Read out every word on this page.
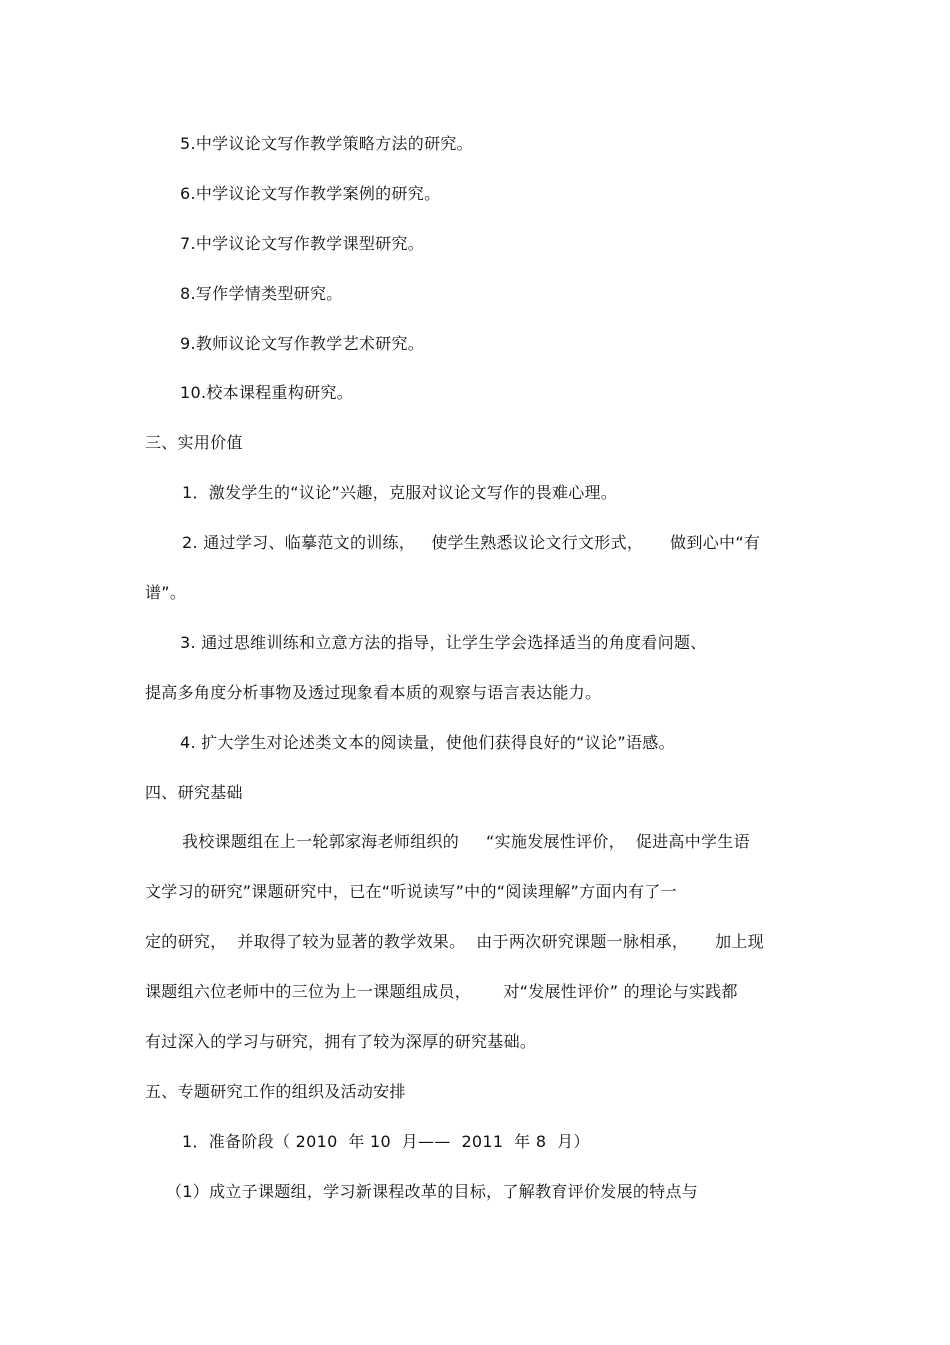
5.中学议论文写作教学策略方法的研究。
6.中学议论文写作教学案例的研究。
7.中学议论文写作教学课型研究。
8.写作学情类型研究。
9.教师议论文写作教学艺术研究。
10.校本课程重构研究。
三、实用价值
1．激发学生的“议论”兴趣，克服对议论文写作的畏难心理。
2. 通过学习、临摹范文的训练，   使学生熟悉议论文行文形式，     做到心中“有
谱”。
3. 通过思维训练和立意方法的指导，让学生学会选择适当的角度看问题、
提高多角度分析事物及透过现象看本质的观察与语言表达能力。
4. 扩大学生对论述类文本的阅读量，使他们获得良好的“议论”语感。
四、研究基础
我校课题组在上一轮郭家海老师组织的     “实施发展性评价，  促进高中学生语
文学习的研究”课题研究中，已在“听说读写”中的“阅读理解”方面内有了一
定的研究，  并取得了较为显著的教学效果。  由于两次研究课题一脉相承，     加上现
课题组六位老师中的三位为上一课题组成员，      对“发展性评价” 的理论与实践都
有过深入的学习与研究，拥有了较为深厚的研究基础。
五、专题研究工作的组织及活动安排
1．准备阶段（ 2010  年 10  月——  2011  年 8  月）
（1）成立子课题组，学习新课程改革的目标，了解教育评价发展的特点与
